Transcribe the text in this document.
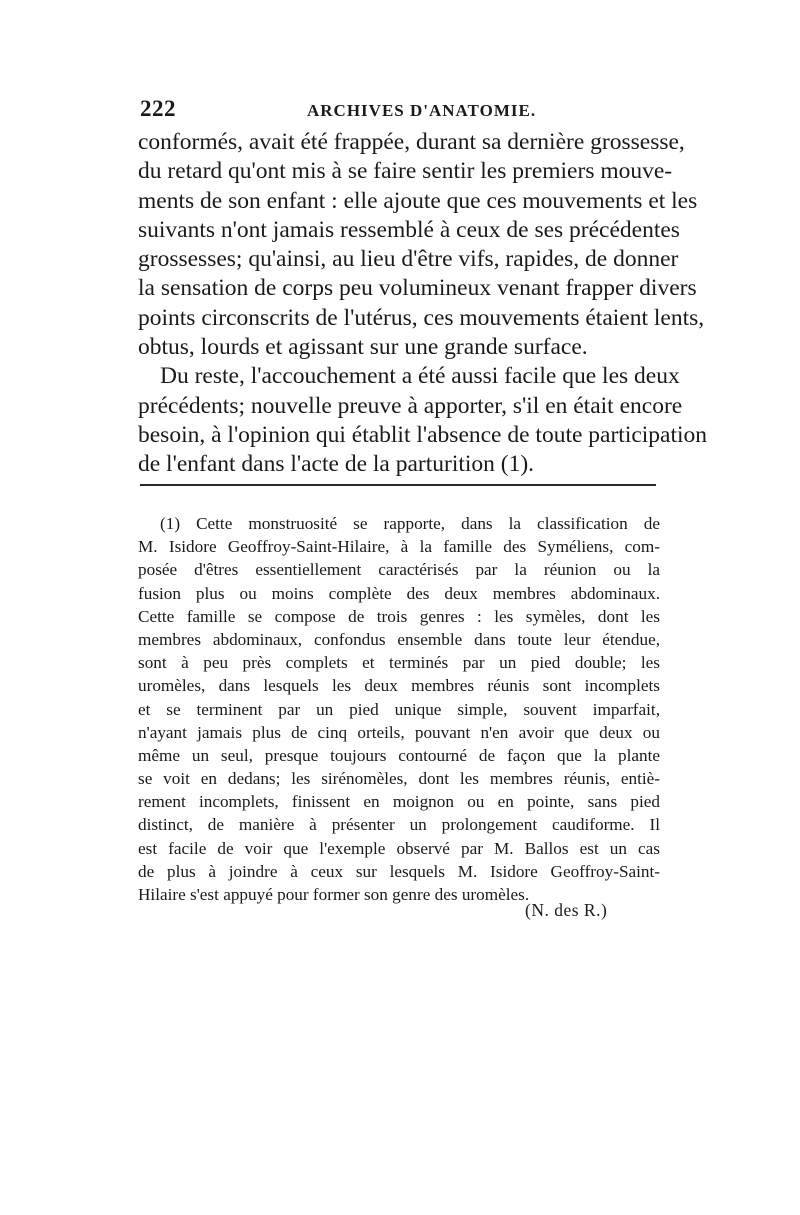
222	ARCHIVES D'ANATOMIE.
conformés, avait été frappée, durant sa dernière grossesse,
du retard qu'ont mis à se faire sentir les premiers mouve-
ments de son enfant : elle ajoute que ces mouvements et les
suivants n'ont jamais ressemblé à ceux de ses précédentes
grossesses; qu'ainsi, au lieu d'être vifs, rapides, de donner
la sensation de corps peu volumineux venant frapper divers
points circonscrits de l'utérus, ces mouvements étaient lents,
obtus, lourds et agissant sur une grande surface.
Du reste, l'accouchement a été aussi facile que les deux
précédents; nouvelle preuve à apporter, s'il en était encore
besoin, à l'opinion qui établit l'absence de toute participation
de l'enfant dans l'acte de la parturition (1).
(1) Cette monstruosité se rapporte, dans la classification de
M. Isidore Geoffroy-Saint-Hilaire, à la famille des Syméliens, com-
posée d'êtres essentiellement caractérisés par la réunion ou la
fusion plus ou moins complète des deux membres abdominaux.
Cette famille se compose de trois genres : les symèles, dont les
membres abdominaux, confondus ensemble dans toute leur étendue,
sont à peu près complets et terminés par un pied double; les
uromèles, dans lesquels les deux membres réunis sont incomplets
et se terminent par un pied unique simple, souvent imparfait,
n'ayant jamais plus de cinq orteils, pouvant n'en avoir que deux ou
même un seul, presque toujours contourné de façon que la plante
se voit en dedans; les sirénomèles, dont les membres réunis, entiè-
rement incomplets, finissent en moignon ou en pointe, sans pied
distinct, de manière à présenter un prolongement caudiforme. Il
est facile de voir que l'exemple observé par M. Ballos est un cas
de plus à joindre à ceux sur lesquels M. Isidore Geoffroy-Saint-
Hilaire s'est appuyé pour former son genre des uromèles.
(N. des R.)
